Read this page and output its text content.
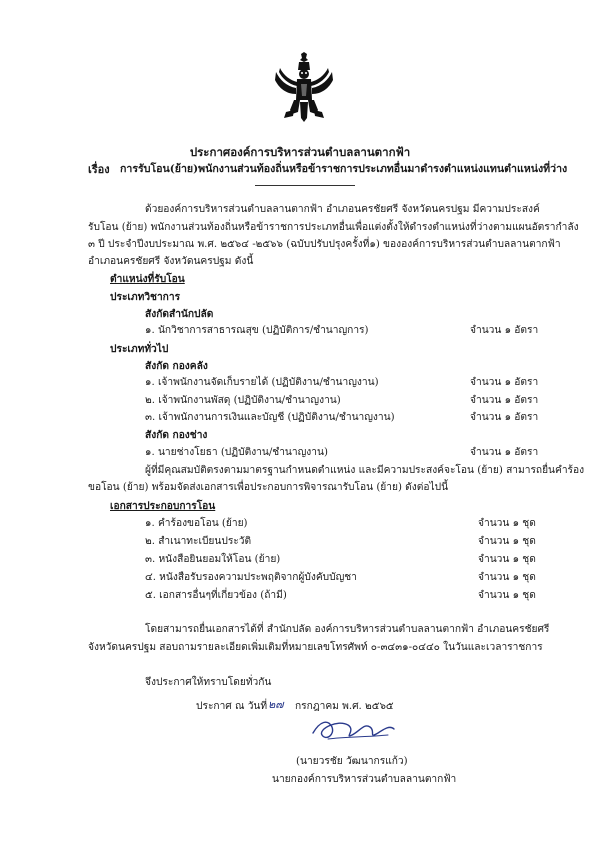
ประกาศองค์การบริหารส่วนตำบลลานตากฟ้า
เรื่อง การรับโอน(ย้าย)พนักงานส่วนท้องถิ่นหรือข้าราชการประเภทอื่นมาดำรงตำแหน่งแทนตำแหน่งที่ว่าง
ด้วยองค์การบริหารส่วนตำบลลานตากฟ้า อำเภอนครชัยศรี จังหวัดนครปฐม มีความประสงค์
รับโอน (ย้าย) พนักงานส่วนท้องถิ่นหรือข้าราชการประเภทอื่นเพื่อแต่งตั้งให้ดำรงตำแหน่งที่ว่างตามแผนอัตรากำลัง
๓ ปี ประจำปีงบประมาณ พ.ศ. ๒๕๖๔ -๒๕๖๖ (ฉบับปรับปรุงครั้งที่๑) ขององค์การบริหารส่วนตำบลลานตากฟ้า
อำเภอนครชัยศรี จังหวัดนครปฐม ดังนี้
ตำแหน่งที่รับโอน
ประเภทวิชาการ
สังกัดสำนักปลัด
๑. นักวิชาการสาธารณสุข (ปฏิบัติการ/ชำนาญการ)	จำนวน ๑ อัตรา
ประเภททั่วไป
สังกัด กองคลัง
๑. เจ้าพนักงานจัดเก็บรายได้ (ปฏิบัติงาน/ชำนาญงาน)	จำนวน ๑ อัตรา
๒. เจ้าพนักงานพัสดุ (ปฏิบัติงาน/ชำนาญงาน)	จำนวน ๑ อัตรา
๓. เจ้าพนักงานการเงินและบัญชี (ปฏิบัติงาน/ชำนาญงาน)	จำนวน ๑ อัตรา
สังกัด กองช่าง
๑. นายช่างโยธา (ปฏิบัติงาน/ชำนาญงาน)	จำนวน ๑ อัตรา
ผู้ที่มีคุณสมบัติตรงตามมาตรฐานกำหนดตำแหน่ง และมีความประสงค์จะโอน (ย้าย) สามารถยื่นคำร้อง
ขอโอน (ย้าย) พร้อมจัดส่งเอกสารเพื่อประกอบการพิจารณารับโอน (ย้าย) ดังต่อไปนี้
เอกสารประกอบการโอน
๑. คำร้องขอโอน (ย้าย)	จำนวน ๑ ชุด
๒. สำเนาทะเบียนประวัติ	จำนวน ๑ ชุด
๓. หนังสือยินยอมให้โอน (ย้าย)	จำนวน ๑ ชุด
๔. หนังสือรับรองความประพฤติจากผู้บังคับบัญชา	จำนวน ๑ ชุด
๕. เอกสารอื่นๆที่เกี่ยวข้อง (ถ้ามี)	จำนวน ๑ ชุด
โดยสามารถยื่นเอกสารได้ที่ สำนักปลัด องค์การบริหารส่วนตำบลลานตากฟ้า อำเภอนครชัยศรี
จังหวัดนครปฐม สอบถามรายละเอียดเพิ่มเติมที่หมายเลขโทรศัพท์ ๐-๓๔๓๑-๐๔๔๐ ในวันและเวลาราชการ
จึงประกาศให้ทราบโดยทั่วกัน
ประกาศ ณ วันที่ ๒๗ กรกฎาคม พ.ศ. ๒๕๖๕
(นายวรชัย วัฒนากรแก้ว)
นายกองค์การบริหารส่วนตำบลลานตากฟ้า
